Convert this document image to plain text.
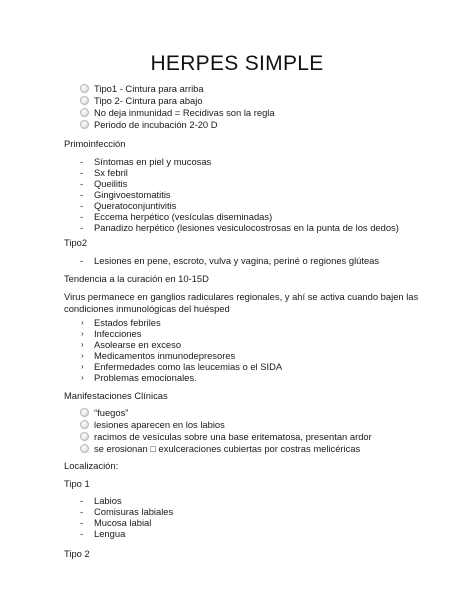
HERPES SIMPLE
Tipo1 - Cintura para arriba
Tipo 2- Cintura para abajo
No deja inmunidad = Recidivas son la regla
Periodo de incubación 2-20 D
Primoinfección
- Síntomas en piel y mucosas
- Sx febril
- Queilitis
- Gingivoestomatitis
- Queratoconjuntivitis
- Eccema herpético (vesículas diseminadas)
- Panadizo herpético (lesiones vesiculocostrosas en la punta de los dedos)
Tipo2
- Lesiones en pene, escroto, vulva y vagina, periné o regiones glúteas
Tendencia a la curación en 10-15D
Virus permanece en ganglios radiculares regionales, y ahí se activa cuando bajen las condiciones inmunológicas del huésped
› Estados febriles
› Infecciones
› Asolearse en exceso
› Medicamentos inmunodepresores
› Enfermedades como las leucemias o el SIDA
› Problemas emocionales.
Manifestaciones Clínicas
“fuegos”
lesiones aparecen en los labios
racimos de vesículas sobre una base eritematosa, presentan ardor
se erosionan □ exulceraciones cubiertas por costras melicéricas
Localización:
Tipo 1
- Labios
- Comisuras labiales
- Mucosa labial
- Lengua
Tipo 2
